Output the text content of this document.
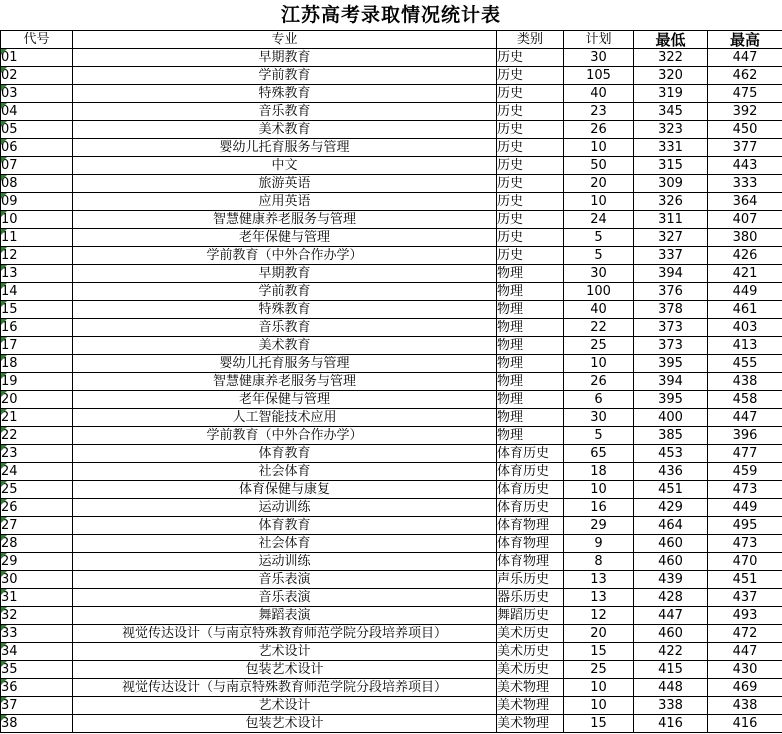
江苏高考录取情况统计表
代号	专业	类别	计划	最低	最高
01	早期教育	历史	30	322	447
02	学前教育	历史	105	320	462
03	特殊教育	历史	40	319	475
04	音乐教育	历史	23	345	392
05	美术教育	历史	26	323	450
06	婴幼儿托育服务与管理	历史	10	331	377
07	中文	历史	50	315	443
08	旅游英语	历史	20	309	333
09	应用英语	历史	10	326	364
10	智慧健康养老服务与管理	历史	24	311	407
11	老年保健与管理	历史	5	327	380
12	学前教育（中外合作办学）	历史	5	337	426
13	早期教育	物理	30	394	421
14	学前教育	物理	100	376	449
15	特殊教育	物理	40	378	461
16	音乐教育	物理	22	373	403
17	美术教育	物理	25	373	413
18	婴幼儿托育服务与管理	物理	10	395	455
19	智慧健康养老服务与管理	物理	26	394	438
20	老年保健与管理	物理	6	395	458
21	人工智能技术应用	物理	30	400	447
22	学前教育（中外合作办学）	物理	5	385	396
23	体育教育	体育历史	65	453	477
24	社会体育	体育历史	18	436	459
25	体育保健与康复	体育历史	10	451	473
26	运动训练	体育历史	16	429	449
27	体育教育	体育物理	29	464	495
28	社会体育	体育物理	9	460	473
29	运动训练	体育物理	8	460	470
30	音乐表演	声乐历史	13	439	451
31	音乐表演	器乐历史	13	428	437
32	舞蹈表演	舞蹈历史	12	447	493
33	视觉传达设计（与南京特殊教育师范学院分段培养项目）	美术历史	20	460	472
34	艺术设计	美术历史	15	422	447
35	包装艺术设计	美术历史	25	415	430
36	视觉传达设计（与南京特殊教育师范学院分段培养项目）	美术物理	10	448	469
37	艺术设计	美术物理	10	338	438
38	包装艺术设计	美术物理	15	416	416
